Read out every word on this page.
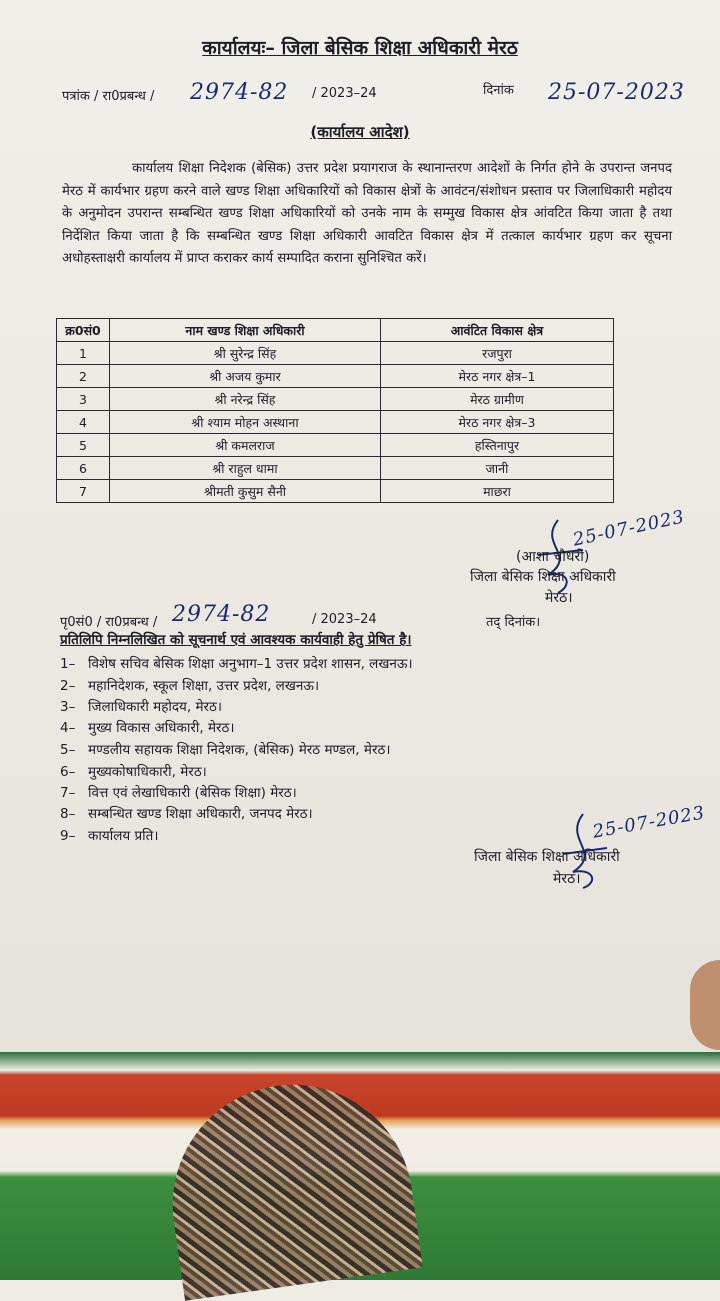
कार्यालयः– जिला बेसिक शिक्षा अधिकारी मेरठ
पत्रांक / रा0प्रबन्ध / 2974-82 / 2023–24	दिनांक 25-07-2023
(कार्यालय आदेश)
कार्यालय शिक्षा निदेशक (बेसिक) उत्तर प्रदेश प्रयागराज के स्थानान्तरण आदेशों के निर्गत होने के उपरान्त जनपद मेरठ में कार्यभार ग्रहण करने वाले खण्ड शिक्षा अधिकारियों को विकास क्षेत्रों के आवंटन/संशोधन प्रस्ताव पर जिलाधिकारी महोदय के अनुमोदन उपरान्त सम्बन्धित खण्ड शिक्षा अधिकारियों को उनके नाम के सम्मुख विकास क्षेत्र आंवटित किया जाता है तथा निर्देशित किया जाता है कि सम्बन्धित खण्ड शिक्षा अधिकारी आवटित विकास क्षेत्र में तत्काल कार्यभार ग्रहण कर सूचना अधोहस्ताक्षरी कार्यालय में प्राप्त कराकर कार्य सम्पादित कराना सुनिश्चित करें।
क्र0सं0	नाम खण्ड शिक्षा अधिकारी	आवंटित विकास क्षेत्र
1	श्री सुरेन्द्र सिंह	रजपुरा
2	श्री अजय कुमार	मेरठ नगर क्षेत्र–1
3	श्री नरेन्द्र सिंह	मेरठ ग्रामीण
4	श्री श्याम मोहन अस्थाना	मेरठ नगर क्षेत्र–3
5	श्री कमलराज	हस्तिनापुर
6	श्री राहुल धामा	जानी
7	श्रीमती कुसुम सैनी	माछरा
25-07-2023
(आशा चौधरी)
जिला बेसिक शिक्षा अधिकारी
मेरठ।
पृ0सं0 / रा0प्रबन्ध / 2974-82	/ 2023–24	तद् दिनांक।
प्रतिलिपि निम्नलिखित को सूचनार्थ एवं आवश्यक कार्यवाही हेतु प्रेषित है।
1– विशेष सचिव बेसिक शिक्षा अनुभाग–1 उत्तर प्रदेश शासन, लखनऊ।
2– महानिदेशक, स्कूल शिक्षा, उत्तर प्रदेश, लखनऊ।
3– जिलाधिकारी महोदय, मेरठ।
4– मुख्य विकास अधिकारी, मेरठ।
5– मण्डलीय सहायक शिक्षा निदेशक, (बेसिक) मेरठ मण्डल, मेरठ।
6– मुख्यकोषाधिकारी, मेरठ।
7– वित्त एवं लेखाधिकारी (बेसिक शिक्षा) मेरठ।
8– सम्बन्धित खण्ड शिक्षा अधिकारी, जनपद मेरठ।
9– कार्यालय प्रति।	25-07-2023
जिला बेसिक शिक्षा अधिकारी
मेरठ।
